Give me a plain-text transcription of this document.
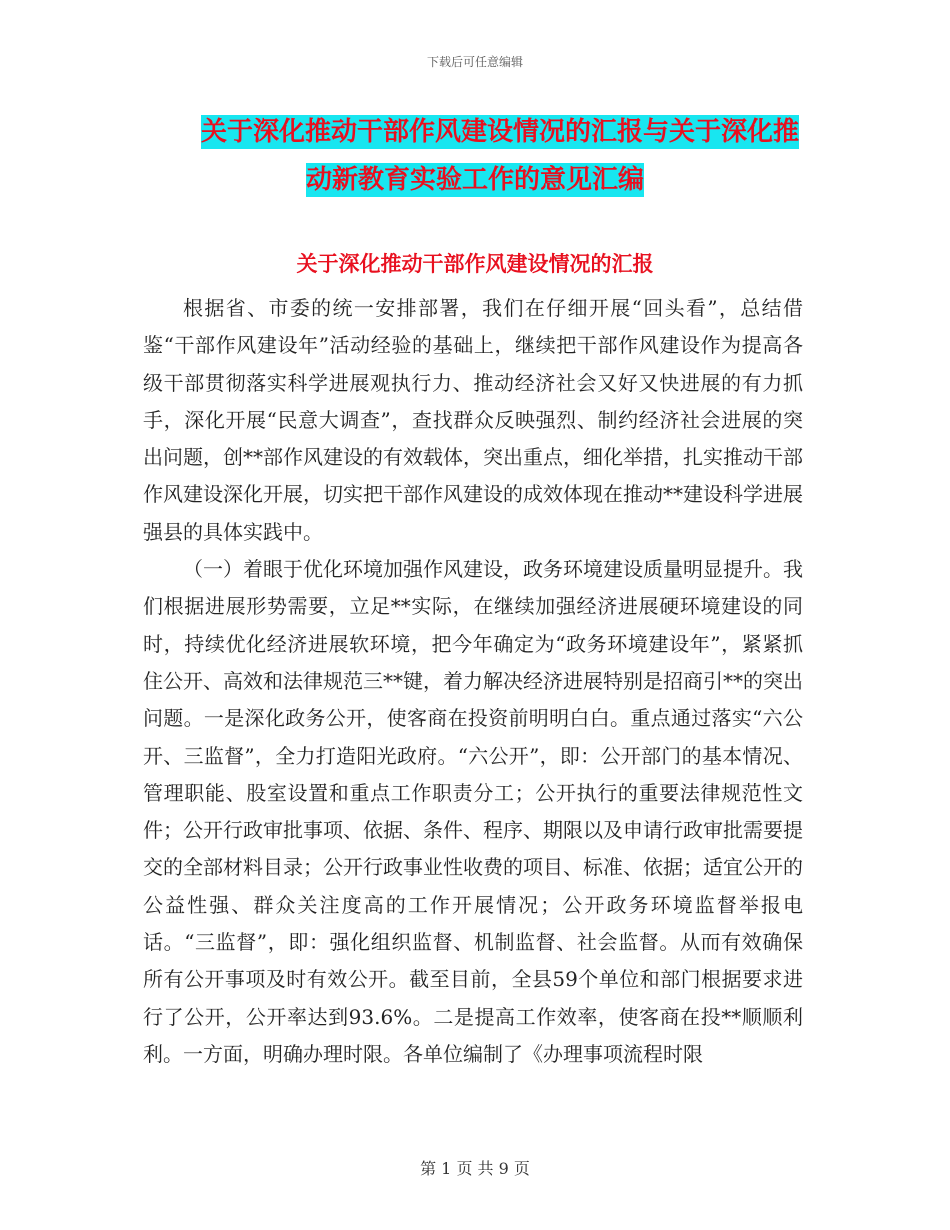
下载后可任意编辑
关于深化推动干部作风建设情况的汇报与关于深化推
动新教育实验工作的意见汇编
关于深化推动干部作风建设情况的汇报

根据省、市委的统一安排部署，我们在仔细开展“回头看”，总结借鉴“干部作风建设年”活动经验的基础上，继续把干部作风建设作为提高各级干部贯彻落实科学进展观执行力、推动经济社会又好又快进展的有力抓手，深化开展“民意大调查”，查找群众反映强烈、制约经济社会进展的突出问题，创**部作风建设的有效载体，突出重点，细化举措，扎实推动干部作风建设深化开展，切实把干部作风建设的成效体现在推动**建设科学进展强县的具体实践中。

（一）着眼于优化环境加强作风建设，政务环境建设质量明显提升。我们根据进展形势需要，立足**实际，在继续加强经济进展硬环境建设的同时，持续优化经济进展软环境，把今年确定为“政务环境建设年”，紧紧抓住公开、高效和法律规范三**键，着力解决经济进展特别是招商引**的突出问题。一是深化政务公开，使客商在投资前明明白白。重点通过落实“六公开、三监督”，全力打造阳光政府。“六公开”，即：公开部门的基本情况、管理职能、股室设置和重点工作职责分工；公开执行的重要法律规范性文件；公开行政审批事项、依据、条件、程序、期限以及申请行政审批需要提交的全部材料目录；公开行政事业性收费的项目、标准、依据；适宜公开的公益性强、群众关注度高的工作开展情况；公开政务环境监督举报电话。“三监督”，即：强化组织监督、机制监督、社会监督。从而有效确保所有公开事项及时有效公开。截至目前，全县59个单位和部门根据要求进行了公开，公开率达到93.6%。二是提高工作效率，使客商在投**顺顺利利。一方面，明确办理时限。各单位编制了《办理事项流程时限

第 1 页 共 9 页
